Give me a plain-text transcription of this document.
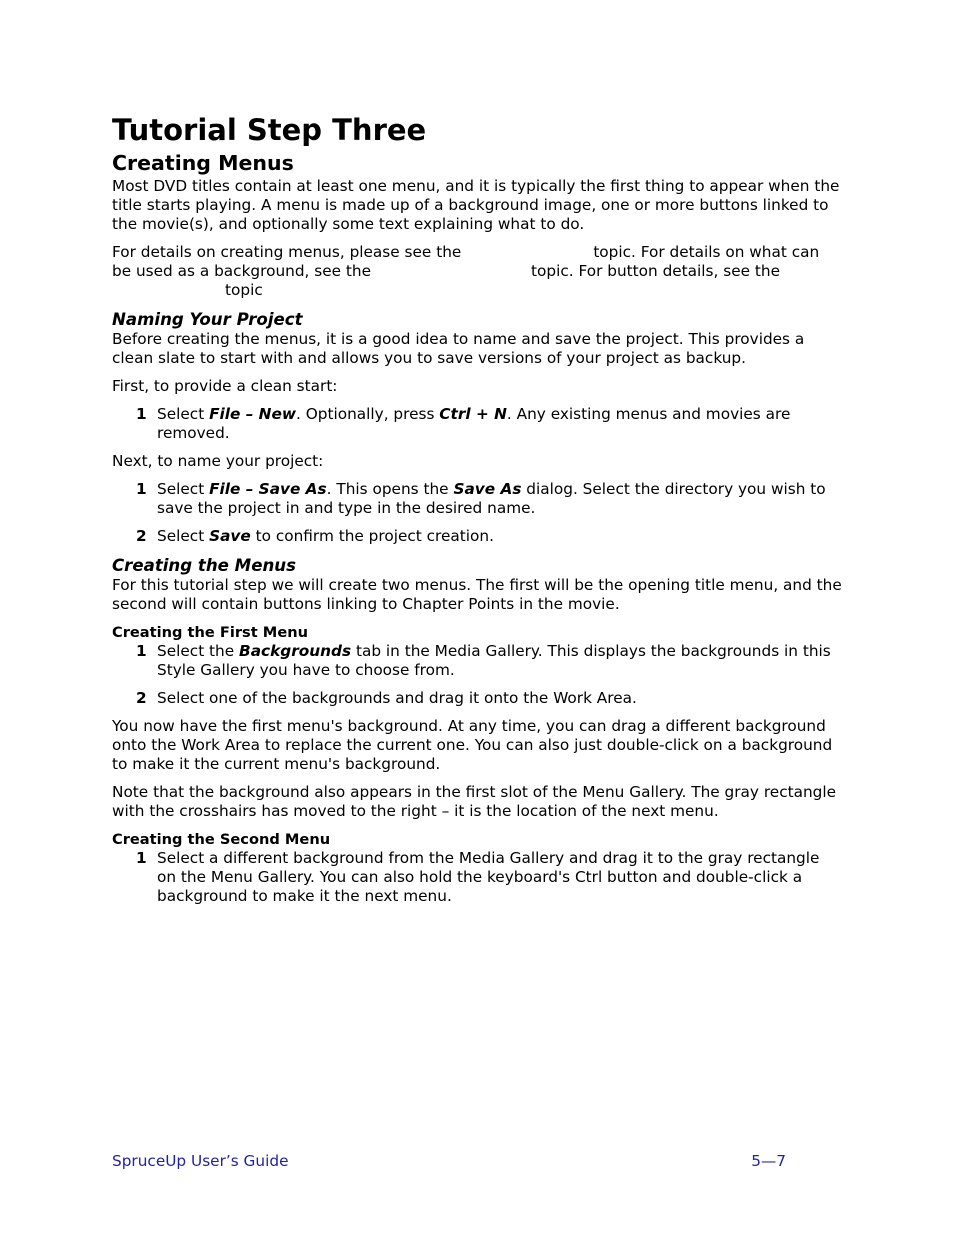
Tutorial Step Three
Creating Menus

Most DVD titles contain at least one menu, and it is typically the first thing to appear when the title starts playing. A menu is made up of a background image, one or more buttons linked to the movie(s), and optionally some text explaining what to do.

For details on creating menus, please see the	topic. For details on what can be used as a background, see the	topic. For button details, see the
topic

Naming Your Project

Before creating the menus, it is a good idea to name and save the project. This provides a clean slate to start with and allows you to save versions of your project as backup.

First, to provide a clean start:

1 Select File – New. Optionally, press Ctrl + N. Any existing menus and movies are removed.

Next, to name your project:

1 Select File – Save As. This opens the Save As dialog. Select the directory you wish to save the project in and type in the desired name.
2 Select Save to confirm the project creation.
Creating the Menus

For this tutorial step we will create two menus. The first will be the opening title menu, and the second will contain buttons linking to Chapter Points in the movie.

Creating the First Menu
1 Select the Backgrounds tab in the Media Gallery. This displays the backgrounds in this Style Gallery you have to choose from.
2 Select one of the backgrounds and drag it onto the Work Area.

You now have the first menu's background. At any time, you can drag a different background onto the Work Area to replace the current one. You can also just double-click on a background to make it the current menu's background.

Note that the background also appears in the first slot of the Menu Gallery. The gray rectangle with the crosshairs has moved to the right – it is the location of the next menu.

Creating the Second Menu
1 Select a different background from the Media Gallery and drag it to the gray rectangle on the Menu Gallery. You can also hold the keyboard's Ctrl button and double-click a background to make it the next menu.
SpruceUp User’s Guide	5—7
